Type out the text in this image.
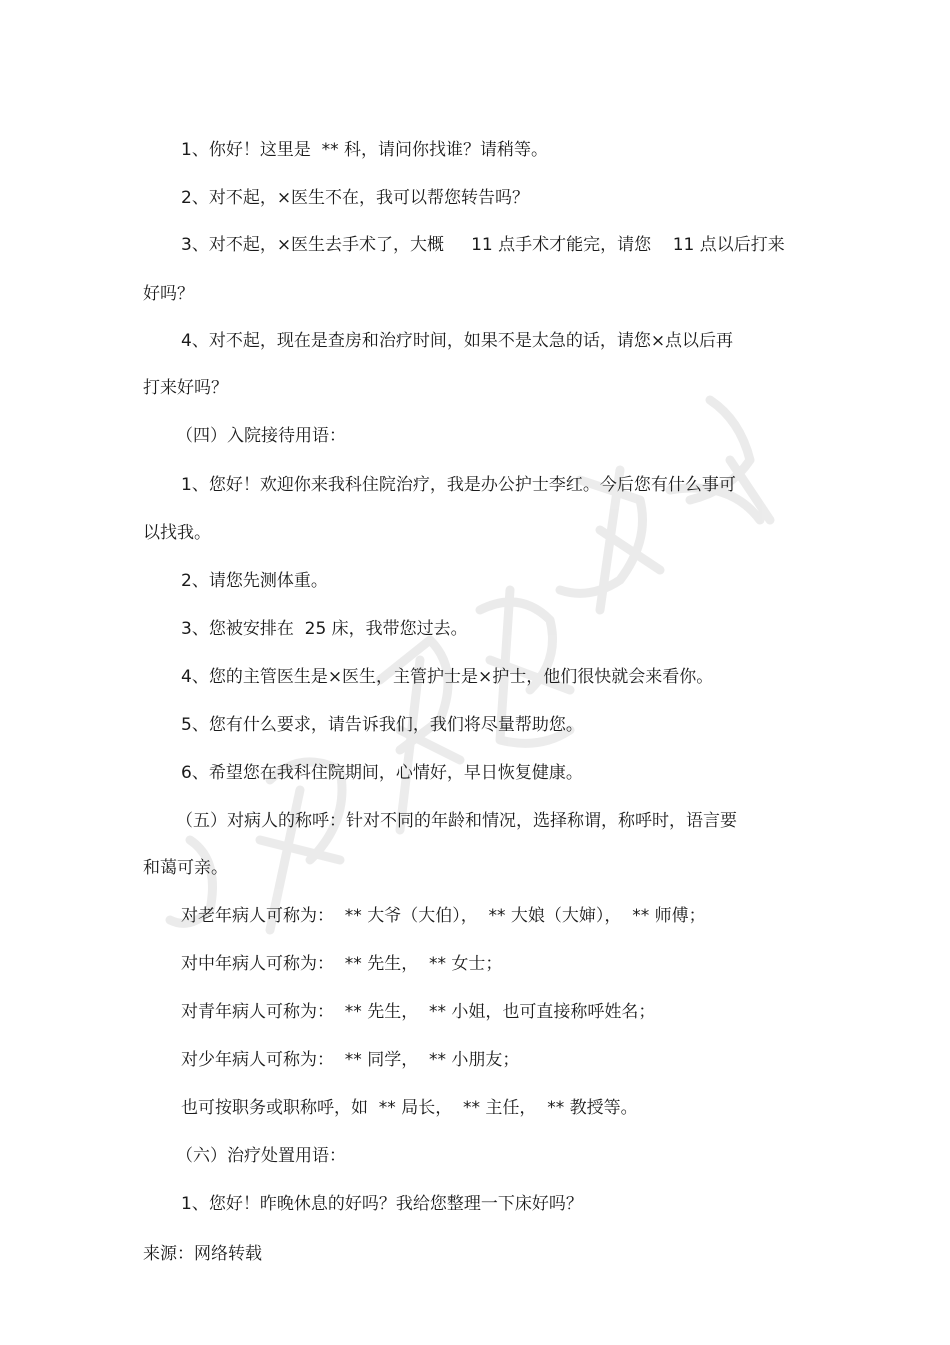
文档参考
1、你好！这里是  ** 科，请问你找谁？请稍等。
2、对不起，×医生不在，我可以帮您转告吗？
3、对不起，×医生去手术了，大概     11 点手术才能完，请您    11 点以后打来
好吗？
4、对不起，现在是查房和治疗时间，如果不是太急的话，请您×点以后再
打来好吗？
（四）入院接待用语：
1、您好！欢迎你来我科住院治疗，我是办公护士李红。今后您有什么事可
以找我。
2、请您先测体重。
3、您被安排在  25 床，我带您过去。
4、您的主管医生是×医生，主管护士是×护士，他们很快就会来看你。
5、您有什么要求，请告诉我们，我们将尽量帮助您。
6、希望您在我科住院期间，心情好，早日恢复健康。
（五）对病人的称呼：针对不同的年龄和情况，选择称谓，称呼时，语言要
和蔼可亲。
对老年病人可称为：  ** 大爷（大伯），  ** 大娘（大婶），  ** 师傅；
对中年病人可称为：  ** 先生，  ** 女士；
对青年病人可称为：  ** 先生，  ** 小姐，也可直接称呼姓名；
对少年病人可称为：  ** 同学，  ** 小朋友；
也可按职务或职称呼，如  ** 局长，  ** 主任，  ** 教授等。
（六）治疗处置用语：
1、您好！昨晚休息的好吗？我给您整理一下床好吗？
来源：网络转载
